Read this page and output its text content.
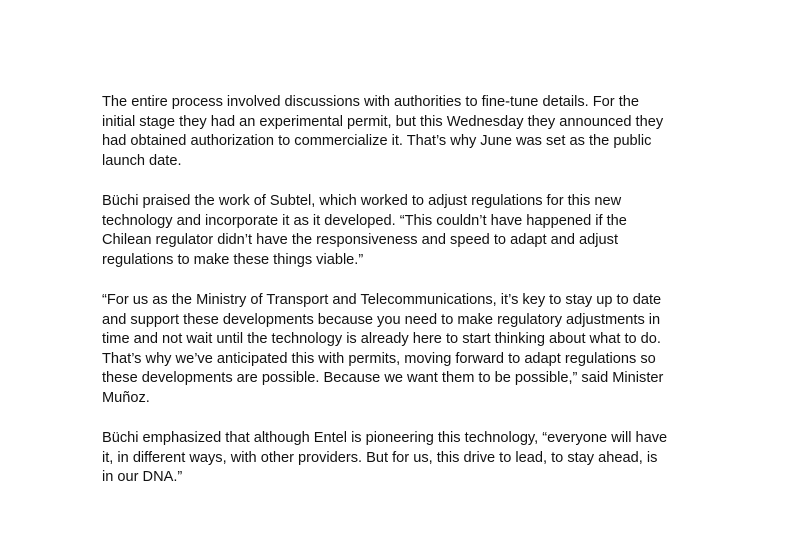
The entire process involved discussions with authorities to fine-tune details. For the
initial stage they had an experimental permit, but this Wednesday they announced they
had obtained authorization to commercialize it. That’s why June was set as the public
launch date.

Büchi praised the work of Subtel, which worked to adjust regulations for this new
technology and incorporate it as it developed. “This couldn’t have happened if the
Chilean regulator didn’t have the responsiveness and speed to adapt and adjust
regulations to make these things viable.”

“For us as the Ministry of Transport and Telecommunications, it’s key to stay up to date
and support these developments because you need to make regulatory adjustments in
time and not wait until the technology is already here to start thinking about what to do.
That’s why we’ve anticipated this with permits, moving forward to adapt regulations so
these developments are possible. Because we want them to be possible,” said Minister
Muñoz.

Büchi emphasized that although Entel is pioneering this technology, “everyone will have
it, in different ways, with other providers. But for us, this drive to lead, to stay ahead, is
in our DNA.”
